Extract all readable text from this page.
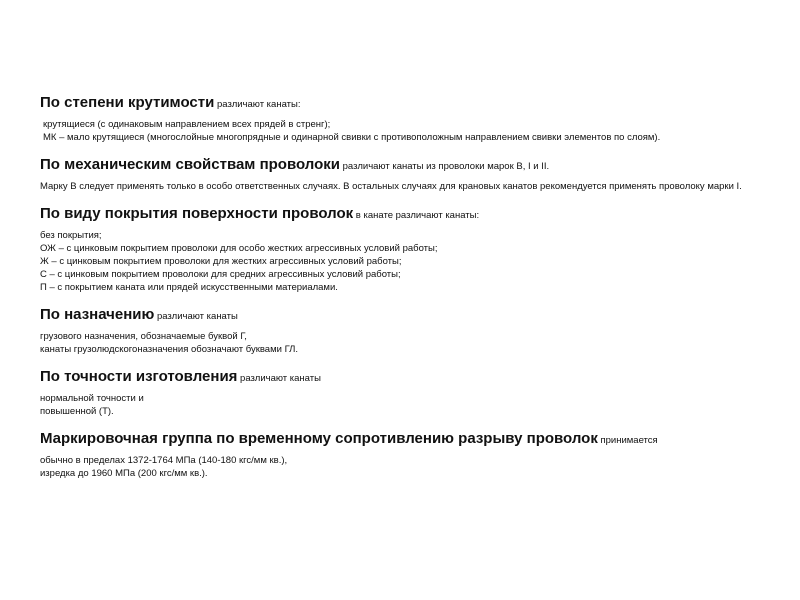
По степени крутимости различают канаты:

крутящиеся (с одинаковым направлением всех прядей в стренг);

МК – мало крутящиеся (многослойные многопрядные и одинарной свивки с противоположным направлением свивки элементов по слоям).

По механическим свойствам проволоки различают канаты из проволоки марок В, I и II.

Марку В следует применять только в особо ответственных случаях. В остальных случаях для крановых канатов рекомендуется применять проволоку марки I.

По виду покрытия поверхности проволок в канате различают канаты:

без покрытия;

ОЖ – с цинковым покрытием проволоки для особо жестких агрессивных условий работы;

Ж – с цинковым покрытием проволоки для жестких агрессивных условий работы;

С – с цинковым покрытием проволоки для средних агрессивных условий работы;

П – с покрытием каната или прядей искусственными материалами.

По назначению различают канаты

грузового назначения, обозначаемые буквой Г,

канаты грузолюдскогоназначения обозначают буквами ГЛ.

По точности изготовления различают канаты

нормальной точности и

повышенной (Т).

Маркировочная группа по временному сопротивлению разрыву проволок принимается

обычно в пределах 1372-1764 МПа (140-180 кгс/мм кв.),

изредка до 1960 МПа (200 кгс/мм кв.).
